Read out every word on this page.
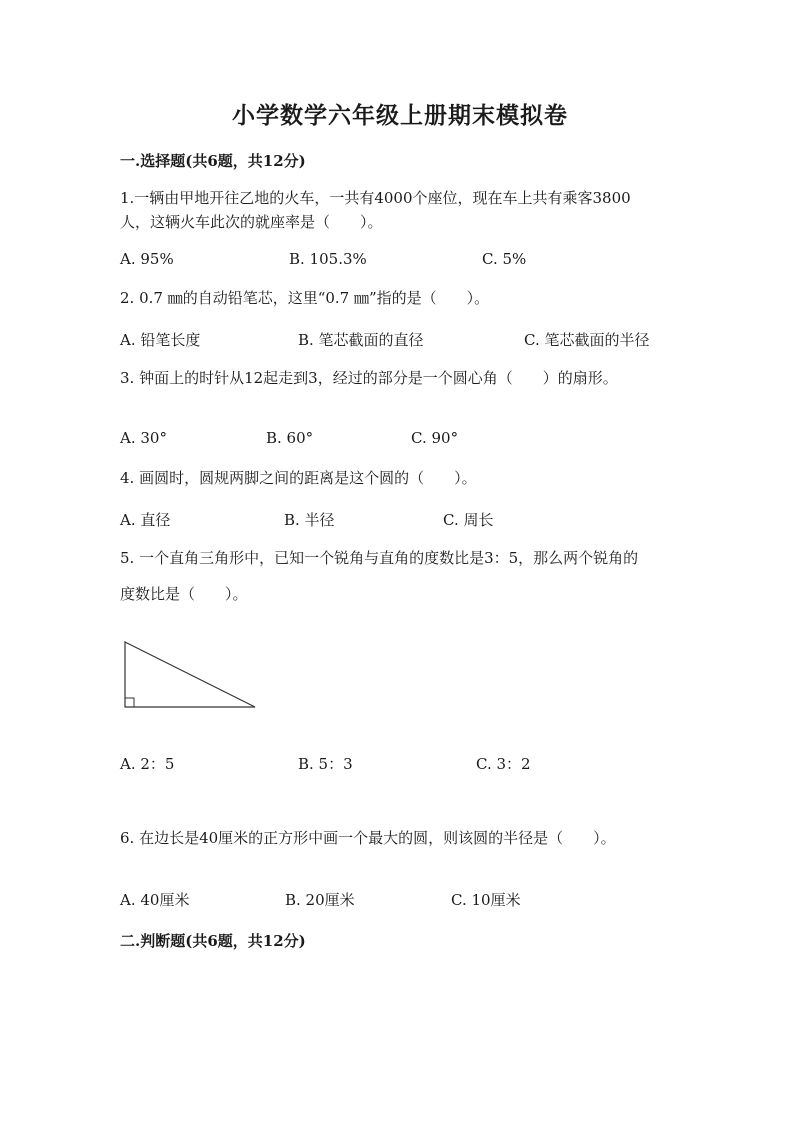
小学数学六年级上册期末模拟卷
一.选择题(共6题，共12分)
1.一辆由甲地开往乙地的火车，一共有4000个座位，现在车上共有乘客3800
人，这辆火车此次的就座率是（　　）。
A. 95%	B. 105.3%	C. 5%
2. 0.7 ㎜的自动铅笔芯，这里“0.7 ㎜”指的是（　　）。
A. 铅笔长度	B. 笔芯截面的直径	C. 笔芯截面的半径
3. 钟面上的时针从12起走到3，经过的部分是一个圆心角（　　）的扇形。
A. 30°	B. 60°	C. 90°
4. 画圆时，圆规两脚之间的距离是这个圆的（　　）。
A. 直径	B. 半径	C. 周长
5. 一个直角三角形中，已知一个锐角与直角的度数比是3：5，那么两个锐角的
度数比是（　　）。
A. 2：5	B. 5：3	C. 3：2
6. 在边长是40厘米的正方形中画一个最大的圆，则该圆的半径是（　　）。
A. 40厘米	B. 20厘米	C. 10厘米
二.判断题(共6题，共12分)
